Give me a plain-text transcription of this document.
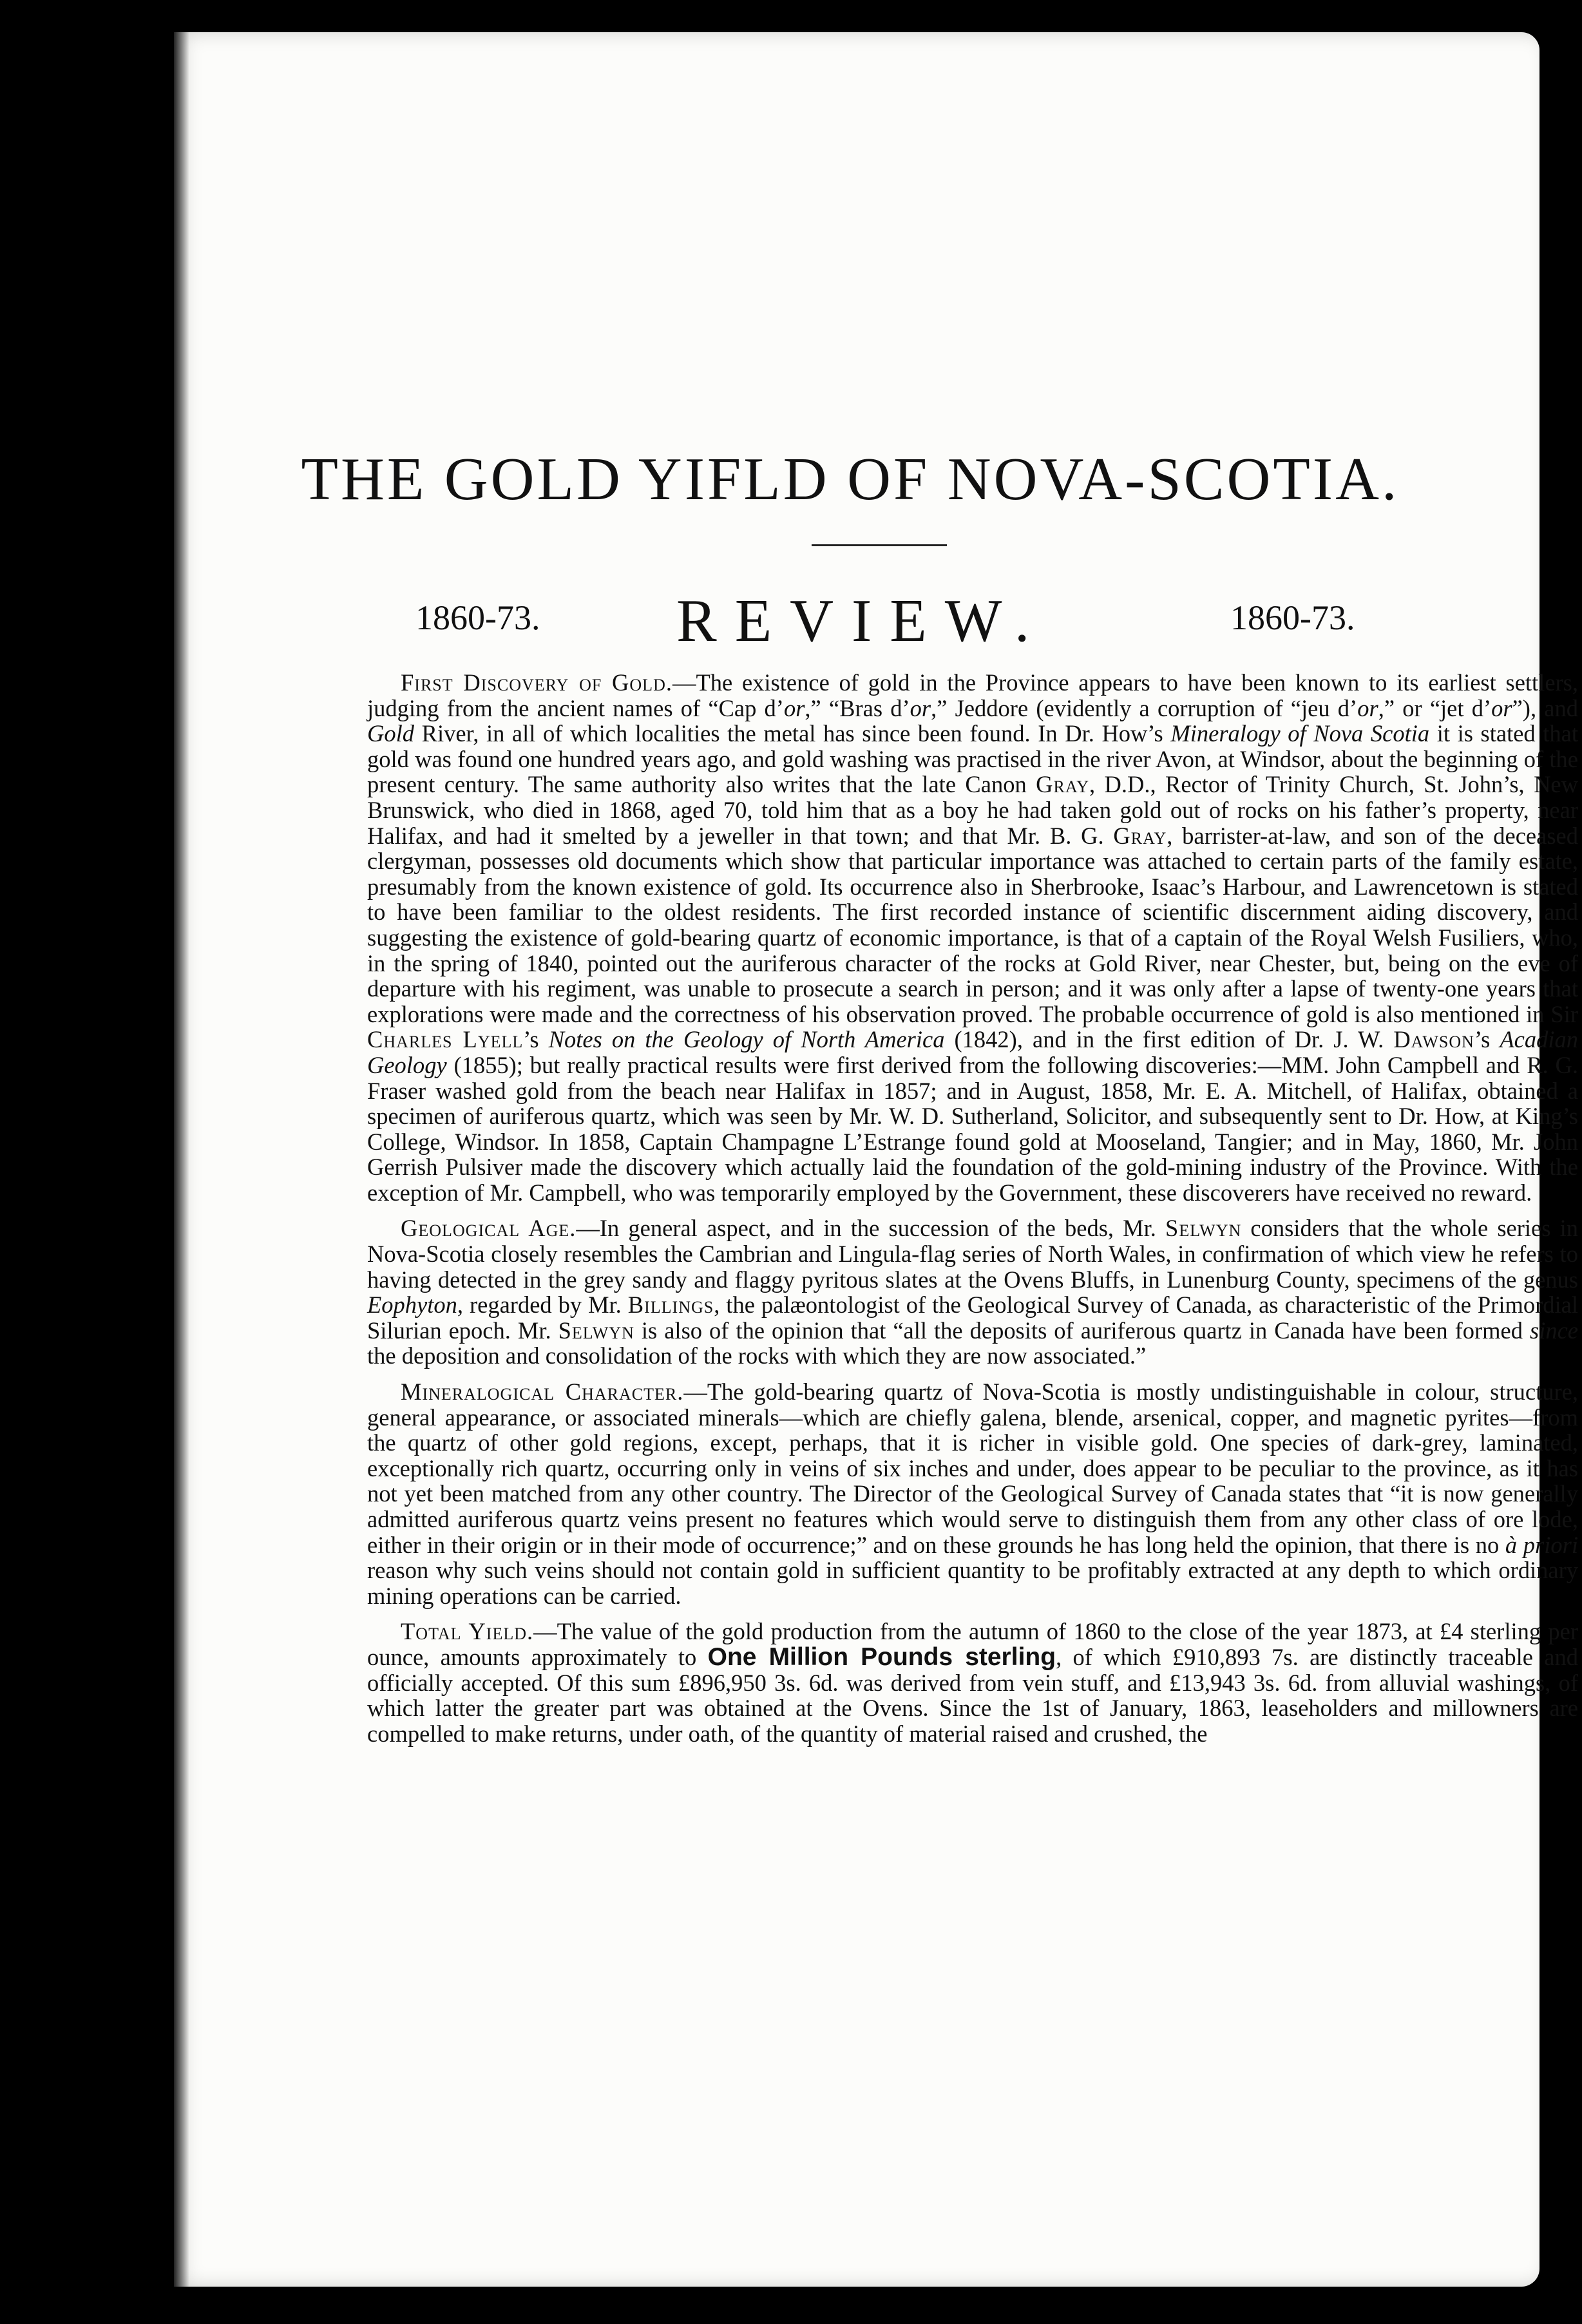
THE GOLD YIFLD OF NOVA-SCOTIA.
1860-73. REVIEW.	1860-73.

First Discovery of Gold.—The existence of gold in the Province appears to have been known to its earliest settlers, judging from the ancient names of “Cap d’or,” “Bras d’or,” Jeddore (evidently a corruption of “jeu d’or,” or “jet d’or”), and Gold River, in all of which localities the metal has since been found. In Dr. How’s Mineralogy of Nova Scotia it is stated that gold was found one hundred years ago, and gold washing was practised in the river Avon, at Windsor, about the beginning of the present century. The same authority also writes that the late Canon Gray, D.D., Rector of Trinity Church, St. John’s, New Brunswick, who died in 1868, aged 70, told him that as a boy he had taken gold out of rocks on his father’s property, near Halifax, and had it smelted by a jeweller in that town; and that Mr. B. G. Gray, barrister-at-law, and son of the deceased clergyman, possesses old documents which show that particular importance was attached to certain parts of the family estate, presumably from the known existence of gold. Its occurrence also in Sherbrooke, Isaac’s Harbour, and Lawrencetown is stated to have been familiar to the oldest residents. The first recorded instance of scientific discernment aiding discovery, and suggesting the existence of gold-bearing quartz of economic importance, is that of a captain of the Royal Welsh Fusiliers, who, in the spring of 1840, pointed out the auriferous character of the rocks at Gold River, near Chester, but, being on the eve of departure with his regiment, was unable to prosecute a search in person; and it was only after a lapse of twenty-one years that explorations were made and the correctness of his observation proved. The probable occurrence of gold is also mentioned in Sir Charles Lyell’s Notes on the Geology of North America (1842), and in the first edition of Dr. J. W. Dawson’s Acadian Geology (1855); but really practical results were first derived from the following discoveries:—MM. John Campbell and R. G. Fraser washed gold from the beach near Halifax in 1857; and in August, 1858, Mr. E. A. Mitchell, of Halifax, obtained a specimen of auriferous quartz, which was seen by Mr. W. D. Sutherland, Solicitor, and subsequently sent to Dr. How, at King’s College, Windsor. In 1858, Captain Champagne L’Estrange found gold at Mooseland, Tangier; and in May, 1860, Mr. John Gerrish Pulsiver made the discovery which actually laid the foundation of the gold-mining industry of the Province. With the exception of Mr. Campbell, who was temporarily employed by the Government, these discoverers have received no reward.

Geological Age.—In general aspect, and in the succession of the beds, Mr. Selwyn considers that the whole series in Nova-Scotia closely resembles the Cambrian and Lingula-flag series of North Wales, in confirmation of which view he refers to having detected in the grey sandy and flaggy pyritous slates at the Ovens Bluffs, in Lunenburg County, specimens of the genus Eophyton, regarded by Mr. Billings, the palæontologist of the Geological Survey of Canada, as characteristic of the Primordial Silurian epoch. Mr. Selwyn is also of the opinion that “all the deposits of auriferous quartz in Canada have been formed since the deposition and consolidation of the rocks with which they are now associated.”

Mineralogical Character.—The gold-bearing quartz of Nova-Scotia is mostly undistinguishable in colour, structure, general appearance, or associated minerals—which are chiefly galena, blende, arsenical, copper, and magnetic pyrites—from the quartz of other gold regions, except, perhaps, that it is richer in visible gold. One species of dark-grey, laminated, exceptionally rich quartz, occurring only in veins of six inches and under, does appear to be peculiar to the province, as it has not yet been matched from any other country. The Director of the Geological Survey of Canada states that “it is now generally admitted auriferous quartz veins present no features which would serve to distinguish them from any other class of ore lode, either in their origin or in their mode of occurrence;” and on these grounds he has long held the opinion, that there is no à priori reason why such veins should not contain gold in sufficient quantity to be profitably extracted at any depth to which ordinary mining operations can be carried.

Total Yield.—The value of the gold production from the autumn of 1860 to the close of the year 1873, at £4 sterling per ounce, amounts approximately to One Million Pounds sterling, of which £910,893 7s. are distinctly traceable and officially accepted. Of this sum £896,950 3s. 6d. was derived from vein stuff, and £13,943 3s. 6d. from alluvial washings, of which latter the greater part was obtained at the Ovens. Since the 1st of January, 1863, leaseholders and millowners are compelled to make returns, under oath, of the quantity of material raised and crushed, the
